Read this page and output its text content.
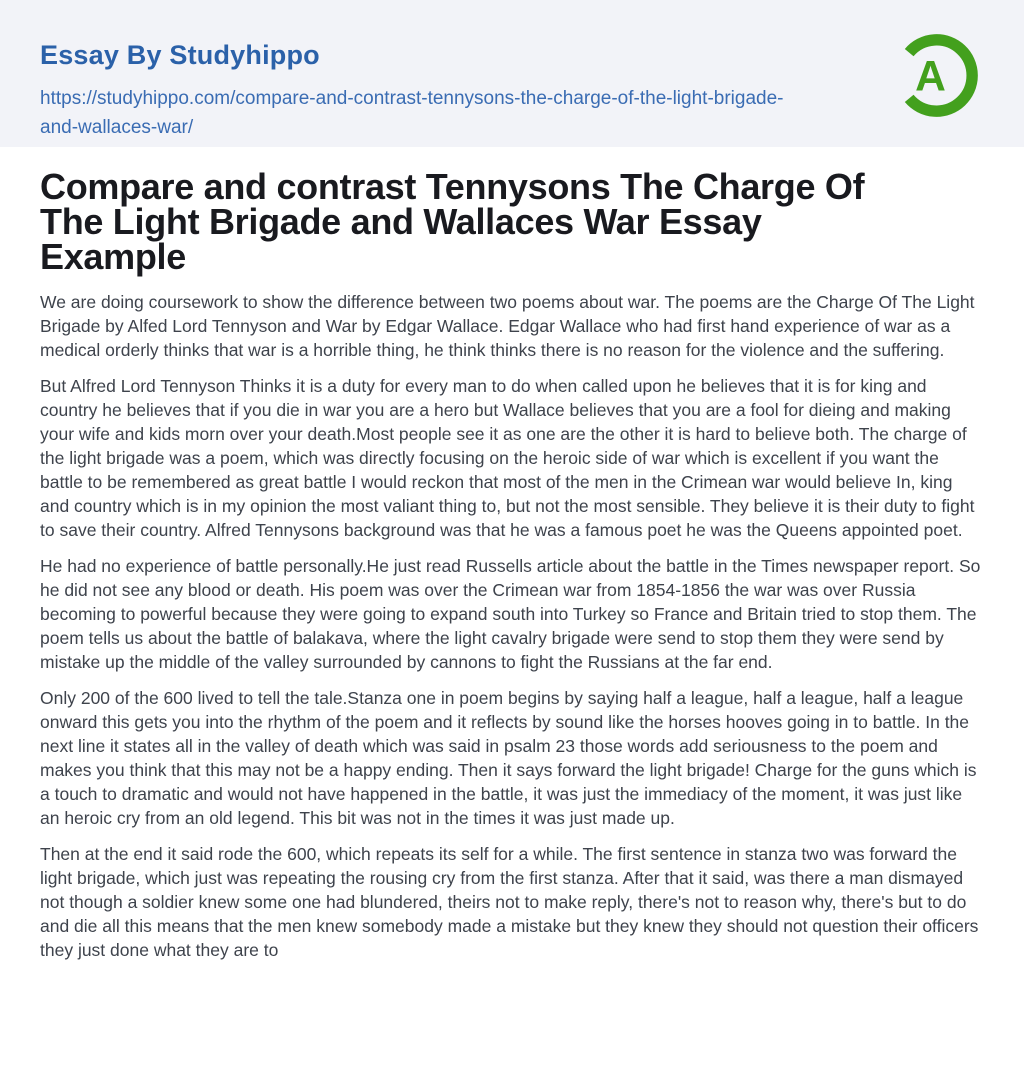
Essay By Studyhippo
https://studyhippo.com/compare-and-contrast-tennysons-the-charge-of-the-light-brigade-and-wallaces-war/
A
Compare and contrast Tennysons The Charge Of
The Light Brigade and Wallaces War Essay
Example

We are doing coursework to show the difference between two poems about war. The poems are the Charge Of The Light Brigade by Alfed Lord Tennyson and War by Edgar Wallace. Edgar Wallace who had first hand experience of war as a medical orderly thinks that war is a horrible thing, he think thinks there is no reason for the violence and the suffering.

But Alfred Lord Tennyson Thinks it is a duty for every man to do when called upon he believes that it is for king and country he believes that if you die in war you are a hero but Wallace believes that you are a fool for dieing and making your wife and kids morn over your death.Most people see it as one are the other it is hard to believe both. The charge of the light brigade was a poem, which was directly focusing on the heroic side of war which is excellent if you want the battle to be remembered as great battle I would reckon that most of the men in the Crimean war would believe In, king and country which is in my opinion the most valiant thing to, but not the most sensible. They believe it is their duty to fight to save their country. Alfred Tennysons background was that he was a famous poet he was the Queens appointed poet.

He had no experience of battle personally.He just read Russells article about the battle in the Times newspaper report. So he did not see any blood or death. His poem was over the Crimean war from 1854-1856 the war was over Russia becoming to powerful because they were going to expand south into Turkey so France and Britain tried to stop them. The poem tells us about the battle of balakava, where the light cavalry brigade were send to stop them they were send by mistake up the middle of the valley surrounded by cannons to fight the Russians at the far end.

Only 200 of the 600 lived to tell the tale.Stanza one in poem begins by saying half a league, half a league, half a league onward this gets you into the rhythm of the poem and it reflects by sound like the horses hooves going in to battle. In the next line it states all in the valley of death which was said in psalm 23 those words add seriousness to the poem and makes you think that this may not be a happy ending. Then it says forward the light brigade! Charge for the guns which is a touch to dramatic and would not have happened in the battle, it was just the immediacy of the moment, it was just like an heroic cry from an old legend. This bit was not in the times it was just made up.

Then at the end it said rode the 600, which repeats its self for a while. The first sentence in stanza two was forward the light brigade, which just was repeating the rousing cry from the first stanza. After that it said, was there a man dismayed not though a soldier knew some one had blundered, theirs not to make reply, there's not to reason why, there's but to do and die all this means that the men knew somebody made a mistake but they knew they should not question their officers they just done what they are to
